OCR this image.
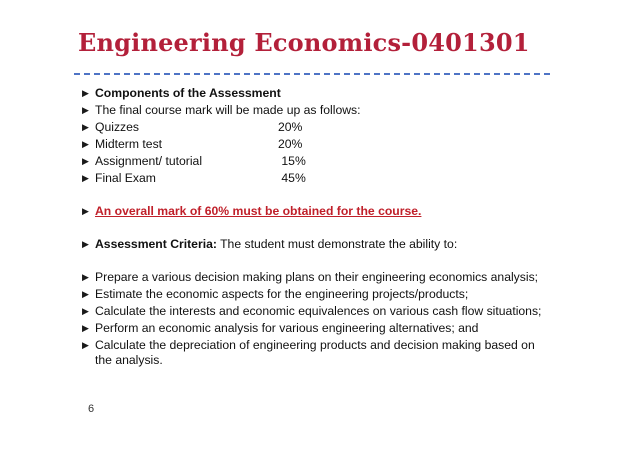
Engineering Economics-0401301
▶ Components of the Assessment
▶ The final course mark will be made up as follows:
▶ Quizzes	20%
▶ Midterm test	20%
▶ Assignment/ tutorial	15%
▶ Final Exam	45%
▶ An overall mark of 60% must be obtained for the course.
▶ Assessment Criteria: The student must demonstrate the ability to:
▶ Prepare a various decision making plans on their engineering economics analysis;
▶ Estimate the economic aspects for the engineering projects/products;
▶ Calculate the interests and economic equivalences on various cash flow situations;
▶ Perform an economic analysis for various engineering alternatives; and
▶ Calculate the depreciation of engineering products and decision making based on the analysis.
6
